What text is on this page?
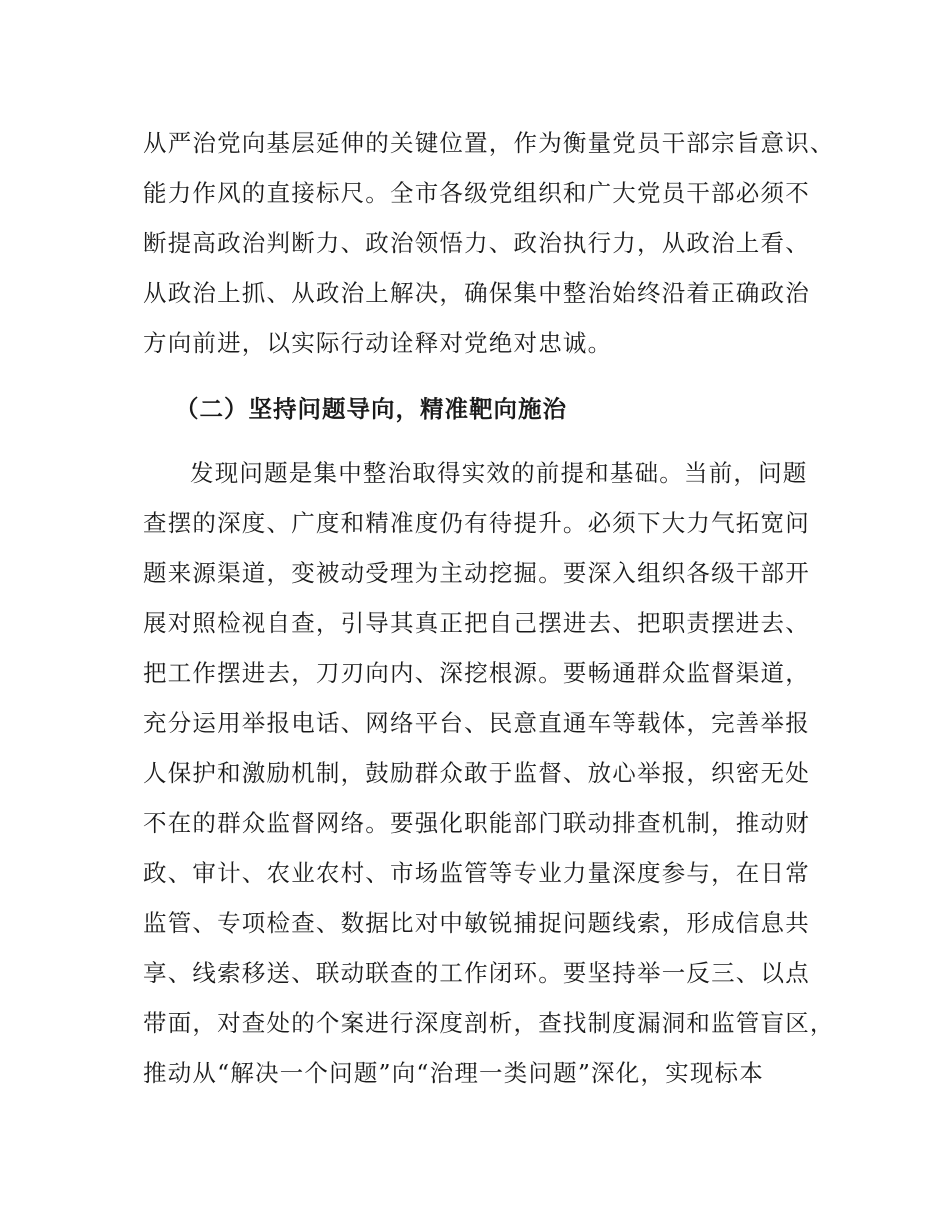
从严治党向基层延伸的关键位置，作为衡量党员干部宗旨意识、
能力作风的直接标尺。全市各级党组织和广大党员干部必须不
断提高政治判断力、政治领悟力、政治执行力，从政治上看、
从政治上抓、从政治上解决，确保集中整治始终沿着正确政治
方向前进，以实际行动诠释对党绝对忠诚。
（二）坚持问题导向，精准靶向施治
发现问题是集中整治取得实效的前提和基础。当前，问题
查摆的深度、广度和精准度仍有待提升。必须下大力气拓宽问
题来源渠道，变被动受理为主动挖掘。要深入组织各级干部开
展对照检视自查，引导其真正把自己摆进去、把职责摆进去、
把工作摆进去，刀刃向内、深挖根源。要畅通群众监督渠道，
充分运用举报电话、网络平台、民意直通车等载体，完善举报
人保护和激励机制，鼓励群众敢于监督、放心举报，织密无处
不在的群众监督网络。要强化职能部门联动排查机制，推动财
政、审计、农业农村、市场监管等专业力量深度参与，在日常
监管、专项检查、数据比对中敏锐捕捉问题线索，形成信息共
享、线索移送、联动联查的工作闭环。要坚持举一反三、以点
带面，对查处的个案进行深度剖析，查找制度漏洞和监管盲区，
推动从“解决一个问题”向“治理一类问题”深化，实现标本
